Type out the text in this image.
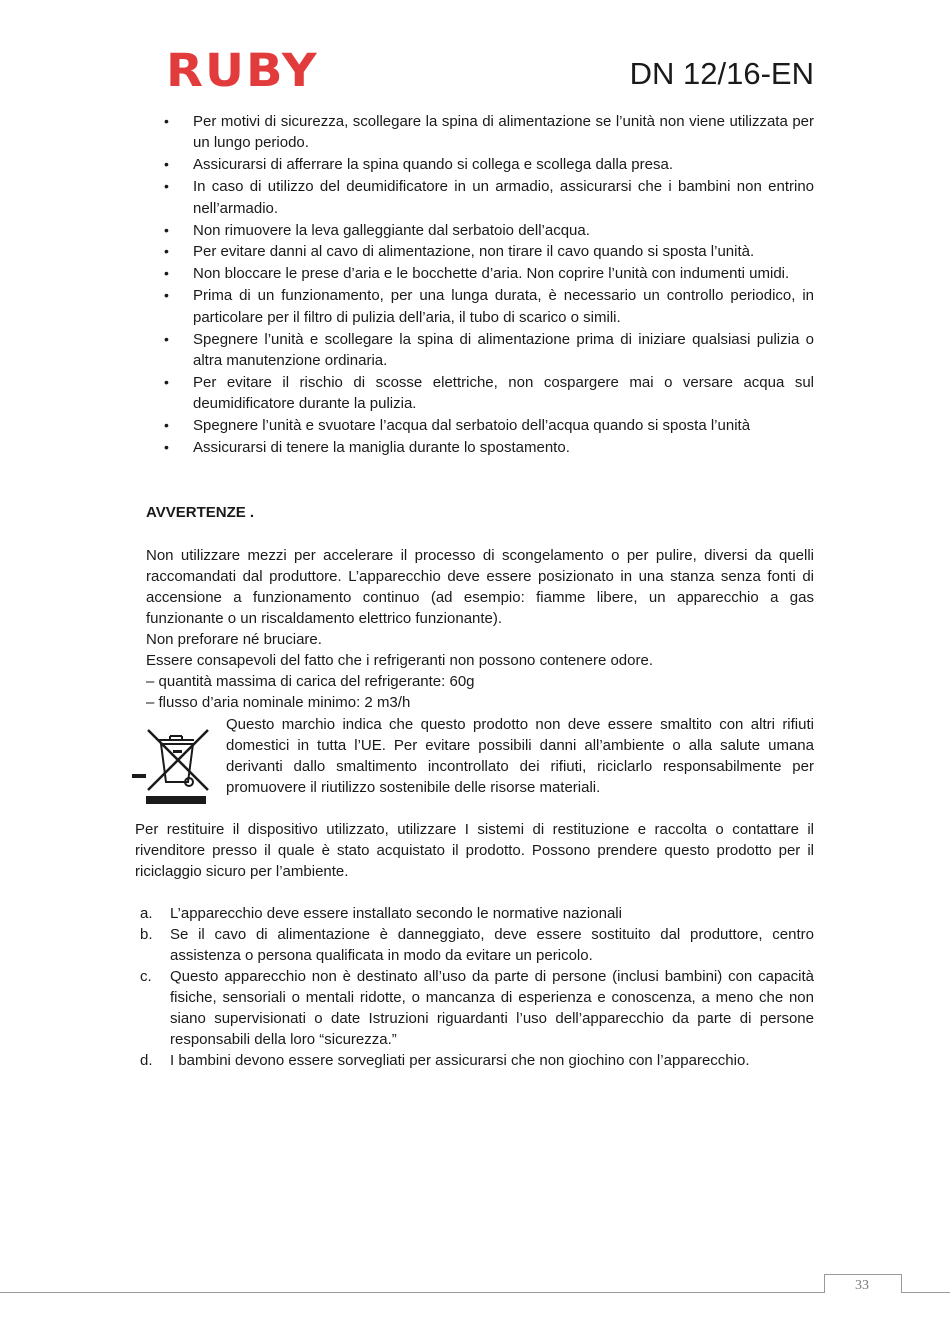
RUBY	DN 12/16-EN
• Per motivi di sicurezza, scollegare la spina di alimentazione se l’unità non viene utilizzata per un lungo periodo.
• Assicurarsi di afferrare la spina quando si collega e scollega dalla presa.
• In caso di utilizzo del deumidificatore in un armadio, assicurarsi che i bambini non entrino nell’armadio.
• Non rimuovere la leva galleggiante dal serbatoio dell’acqua.
• Per evitare danni al cavo di alimentazione, non tirare il cavo quando si sposta l’unità.
• Non bloccare le prese d’aria e le bocchette d’aria. Non coprire l’unità con indumenti umidi.
• Prima di un funzionamento, per una lunga durata, è necessario un controllo periodico, in particolare per il filtro di pulizia dell’aria, il tubo di scarico o simili.
• Spegnere l’unità e scollegare la spina di alimentazione prima di iniziare qualsiasi pulizia o altra manutenzione ordinaria.
• Per evitare il rischio di scosse elettriche, non cospargere mai o versare acqua sul deumidificatore durante la pulizia.
• Spegnere l’unità e svuotare l’acqua dal serbatoio dell’acqua quando si sposta l’unità
• Assicurarsi di tenere la maniglia durante lo spostamento.
AVVERTENZE .
Non utilizzare mezzi per accelerare il processo di scongelamento o per pulire, diversi da quelli raccomandati dal produttore. L’apparecchio deve essere posizionato in una stanza senza fonti di accensione a funzionamento continuo (ad esempio: fiamme libere, un apparecchio a gas funzionante o un riscaldamento elettrico funzionante).
Non preforare né bruciare.
Essere consapevoli del fatto che i refrigeranti non possono contenere odore.
– quantità massima di carica del refrigerante: 60g
– flusso d’aria nominale minimo: 2 m3/h
Questo marchio indica che questo prodotto non deve essere smaltito con altri rifiuti domestici in tutta l’UE. Per evitare possibili danni all’ambiente o alla salute umana derivanti dallo smaltimento incontrollato dei rifiuti, riciclarlo responsabilmente per promuovere il riutilizzo sostenibile delle risorse materiali.
Per restituire il dispositivo utilizzato, utilizzare I sistemi di restituzione e raccolta o contattare il rivenditore presso il quale è stato acquistato il prodotto. Possono prendere questo prodotto per il riciclaggio sicuro per l’ambiente.
a. L’apparecchio deve essere installato secondo le normative nazionali
b. Se il cavo di alimentazione è danneggiato, deve essere sostituito dal produttore, centro assistenza o persona qualificata in modo da evitare un pericolo.
c. Questo apparecchio non è destinato all’uso da parte di persone (inclusi bambini) con capacità fisiche, sensoriali o mentali ridotte, o mancanza di esperienza e conoscenza, a meno che non siano supervisionati o date Istruzioni riguardanti l’uso dell’apparecchio da parte di persone responsabili della loro “sicurezza.”
d. I bambini devono essere sorvegliati per assicurarsi che non giochino con l’apparecchio.
33
